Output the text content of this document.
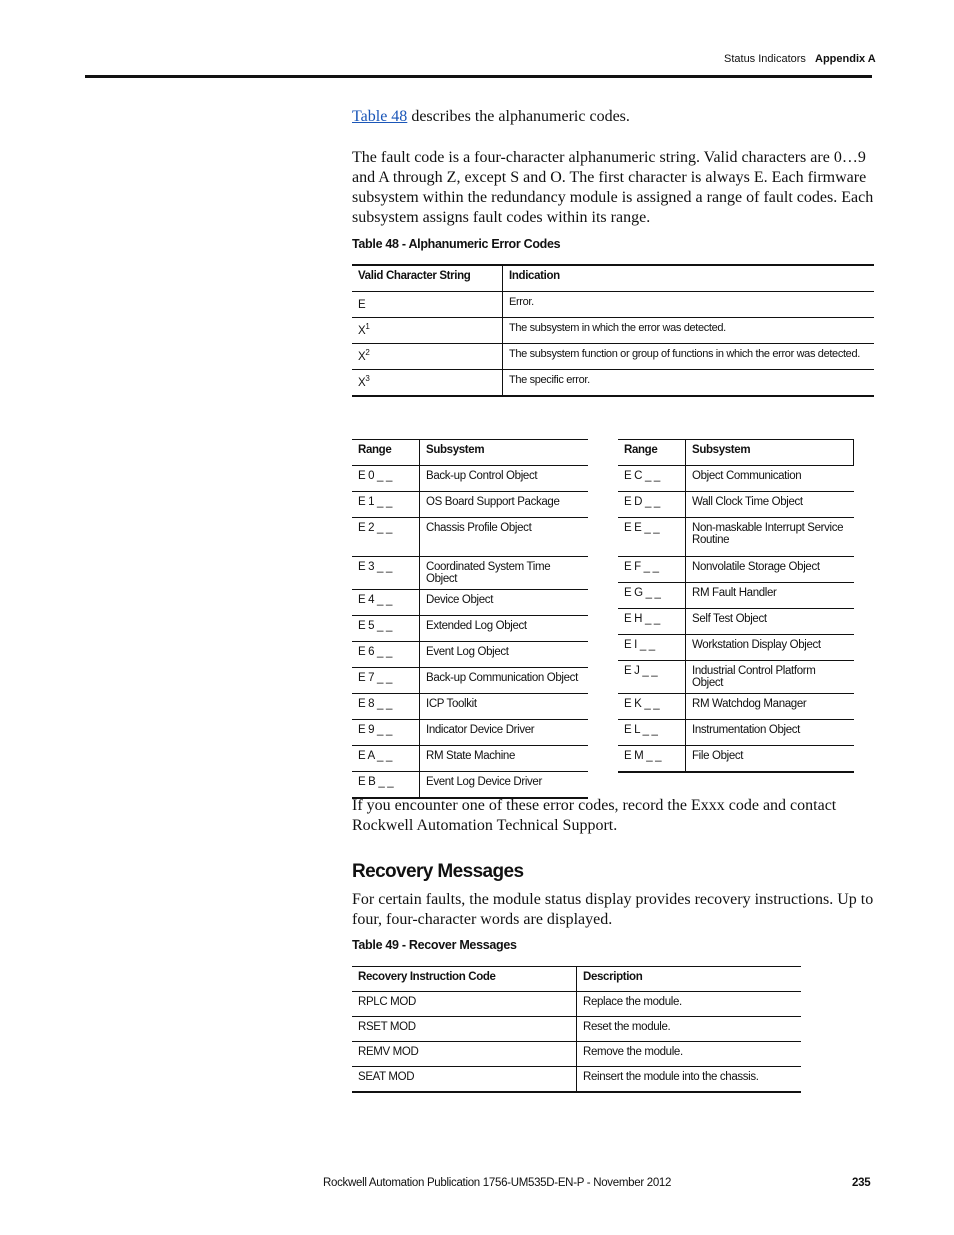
Status Indicators Appendix A
Table 48 describes the alphanumeric codes.
The fault code is a four-character alphanumeric string. Valid characters are 0…9 and A through Z, except S and O. The first character is always E. Each firmware subsystem within the redundancy module is assigned a range of fault codes. Each subsystem assigns fault codes within its range.
Table 48 - Alphanumeric Error Codes
Valid Character String	Indication
E	Error.
$X^1$	The subsystem in which the error was detected.
$X^2$	The subsystem function or group of functions in which the error was detected.
$X^3$	The specific error.
Range	Subsystem
E 0 _ _	Back-up Control Object
E 1 _ _	OS Board Support Package
E 2 _ _	Chassis Profile Object
E 3 _ _	Coordinated System Time Object
E 4 _ _	Device Object
E 5 _ _	Extended Log Object
E 6 _ _	Event Log Object
E 7 _ _	Back-up Communication Object
E 8 _ _	ICP Toolkit
E 9 _ _	Indicator Device Driver
E A _ _	RM State Machine
E B _ _	Event Log Device Driver
Range	Subsystem
E C _ _	Object Communication
E D _ _	Wall Clock Time Object
E E _ _	Non-maskable Interrupt Service Routine
E F _ _	Nonvolatile Storage Object
E G _ _	RM Fault Handler
E H _ _	Self Test Object
E I _ _	Workstation Display Object
E J _ _	Industrial Control Platform Object
E K _ _	RM Watchdog Manager
E L _ _	Instrumentation Object
E M _ _	File Object
If you encounter one of these error codes, record the Exxx code and contact Rockwell Automation Technical Support.
Recovery Messages
For certain faults, the module status display provides recovery instructions. Up to four, four-character words are displayed.
Table 49 - Recover Messages
Recovery Instruction Code	Description
RPLC MOD	Replace the module.
RSET MOD	Reset the module.
REMV MOD	Remove the module.
SEAT MOD	Reinsert the module into the chassis.
Rockwell Automation Publication 1756-UM535D-EN-P - November 2012	235
